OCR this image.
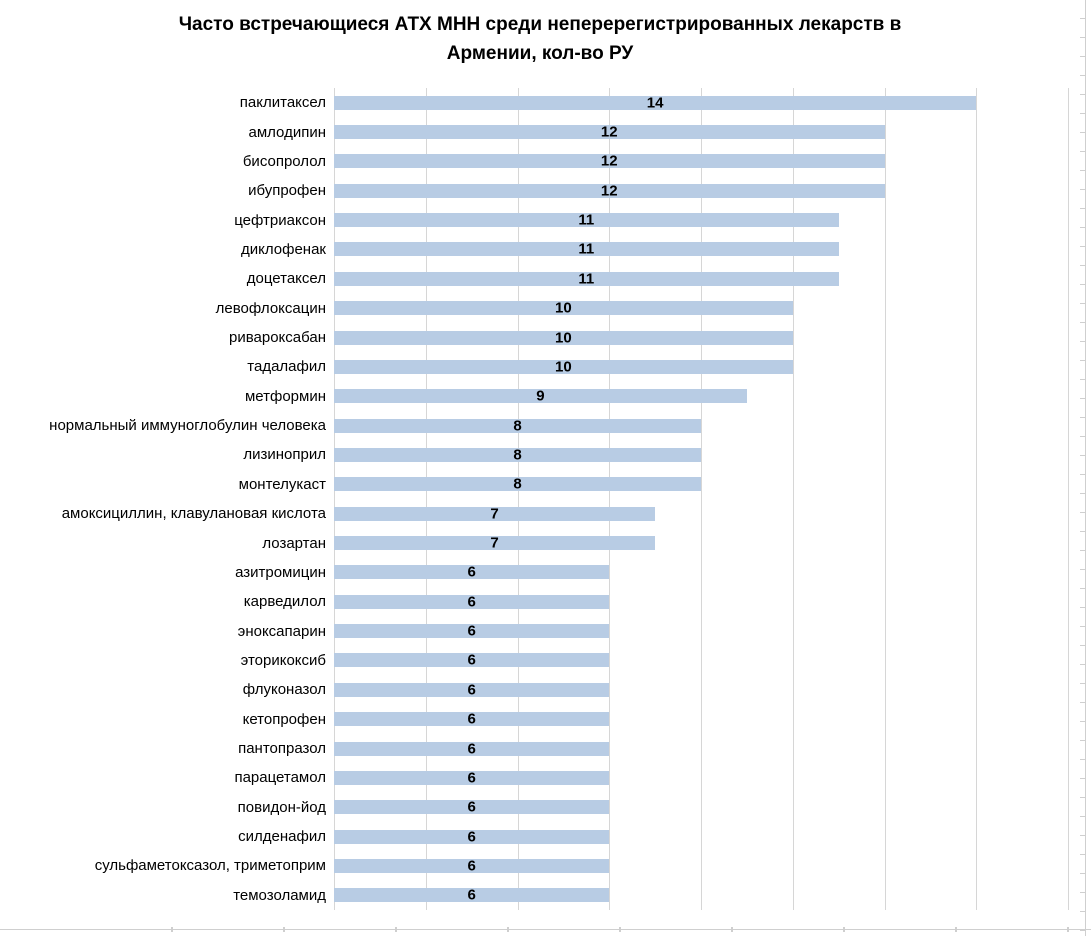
Часто встречающиеся АТХ МНН среди неперерегистрированных лекарств в
Армении, кол-во РУ
паклитаксел	14
амлодипин	12
бисопролол	12
ибупрофен	12
цефтриаксон	11
диклофенак	11
доцетаксел	11
левофлоксацин	10
ривароксабан	10
тадалафил	10
метформин	9
нормальный иммуноглобулин человека	8
лизиноприл	8
монтелукаст	8
амоксициллин, клавулановая кислота	7
лозартан	7
азитромицин	6
карведилол	6
эноксапарин	6
эторикоксиб	6
флуконазол	6
кетопрофен	6
пантопразол	6
парацетамол	6
повидон-йод	6
силденафил	6
сульфаметоксазол, триметоприм	6
темозоламид	6
